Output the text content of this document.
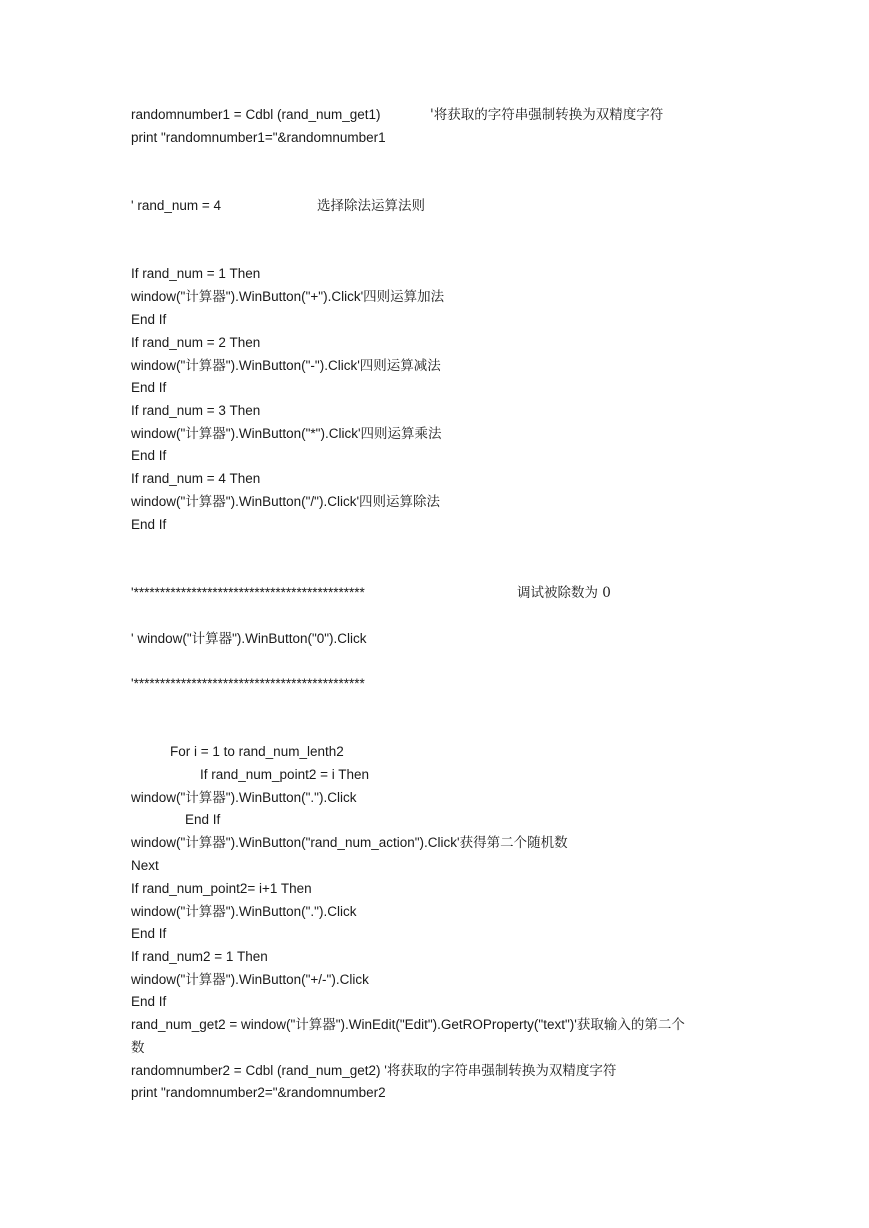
randomnumber1 = Cdbl (rand_num_get1)	'将获取的字符串强制转换为双精度字符
print "randomnumber1="&randomnumber1
' rand_num = 4	选择除法运算法则
If rand_num = 1 Then
window("计算器").WinButton("+").Click'四则运算加法
End If
If rand_num = 2 Then
window("计算器").WinButton("-").Click'四则运算减法
End If
If rand_num = 3 Then
window("计算器").WinButton("*").Click'四则运算乘法
End If
If rand_num = 4 Then
window("计算器").WinButton("/").Click'四则运算除法
End If
'********************************************	调试被除数为 0
' window("计算器").WinButton("0").Click
'********************************************
For i = 1 to rand_num_lenth2
If rand_num_point2 = i Then
window("计算器").WinButton(".").Click
End If
window("计算器").WinButton("rand_num_action").Click'获得第二个随机数
Next
If rand_num_point2= i+1 Then
window("计算器").WinButton(".").Click
End If
If rand_num2 = 1 Then
window("计算器").WinButton("+/-").Click
End If
rand_num_get2 = window("计算器").WinEdit("Edit").GetROProperty("text")'获取输入的第二个
数
randomnumber2 = Cdbl (rand_num_get2) '将获取的字符串强制转换为双精度字符
print "randomnumber2="&randomnumber2
